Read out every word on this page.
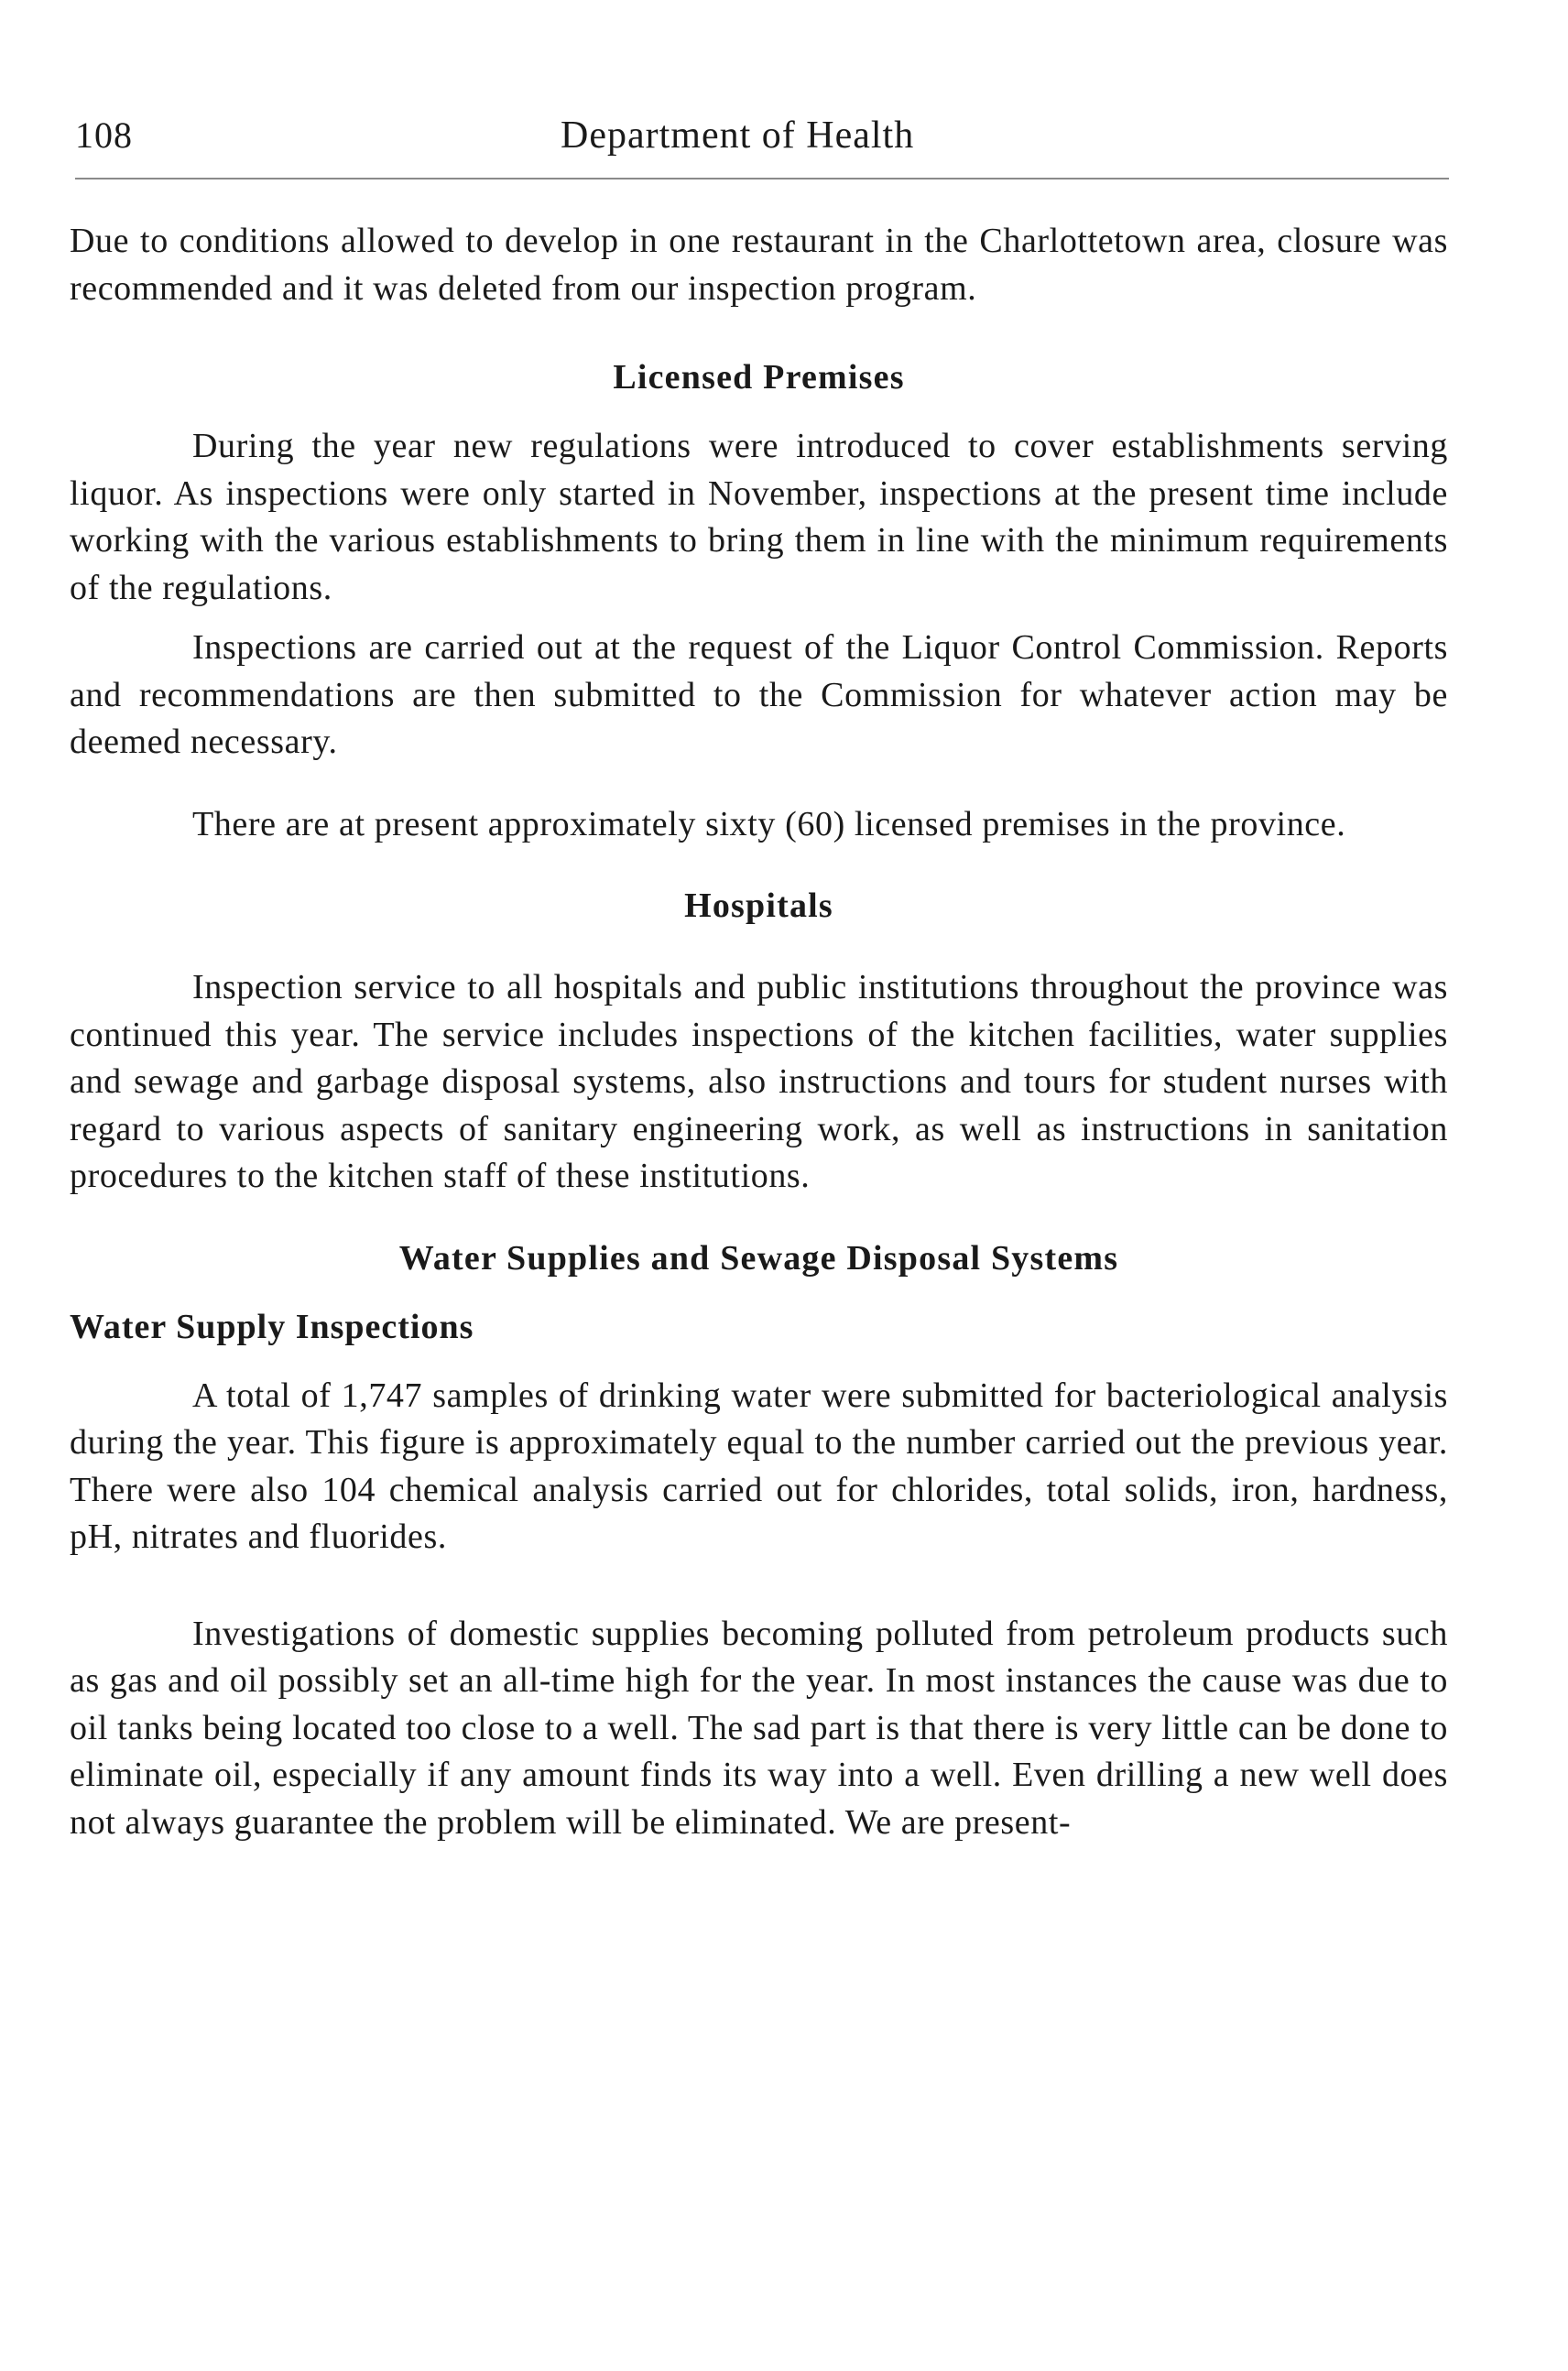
108	Department of Health

Due to conditions allowed to develop in one restaurant in the Charlottetown area, closure was recommended and it was deleted from our inspection program.

Licensed Premises

During the year new regulations were introduced to cover establishments serving liquor. As inspections were only started in November, inspections at the present time include working with the various establishments to bring them in line with the minimum requirements of the regulations.

Inspections are carried out at the request of the Liquor Control Commission. Reports and recommendations are then submitted to the Commission for whatever action may be deemed necessary.

There are at present approximately sixty (60) licensed premises in the province.

Hospitals

Inspection service to all hospitals and public institutions throughout the province was continued this year. The service includes inspections of the kitchen facilities, water supplies and sewage and garbage disposal systems, also instructions and tours for student nurses with regard to various aspects of sanitary engineering work, as well as instructions in sanitation procedures to the kitchen staff of these institutions.

Water Supplies and Sewage Disposal Systems
Water Supply Inspections

A total of 1,747 samples of drinking water were submitted for bacteriological analysis during the year. This figure is approximately equal to the number carried out the previous year. There were also 104 chemical analysis carried out for chlorides, total solids, iron, hardness, pH, nitrates and fluorides.

Investigations of domestic supplies becoming polluted from petroleum products such as gas and oil possibly set an all-time high for the year. In most instances the cause was due to oil tanks being located too close to a well. The sad part is that there is very little can be done to eliminate oil, especially if any amount finds its way into a well. Even drilling a new well does not always guarantee the problem will be eliminated. We are present-
